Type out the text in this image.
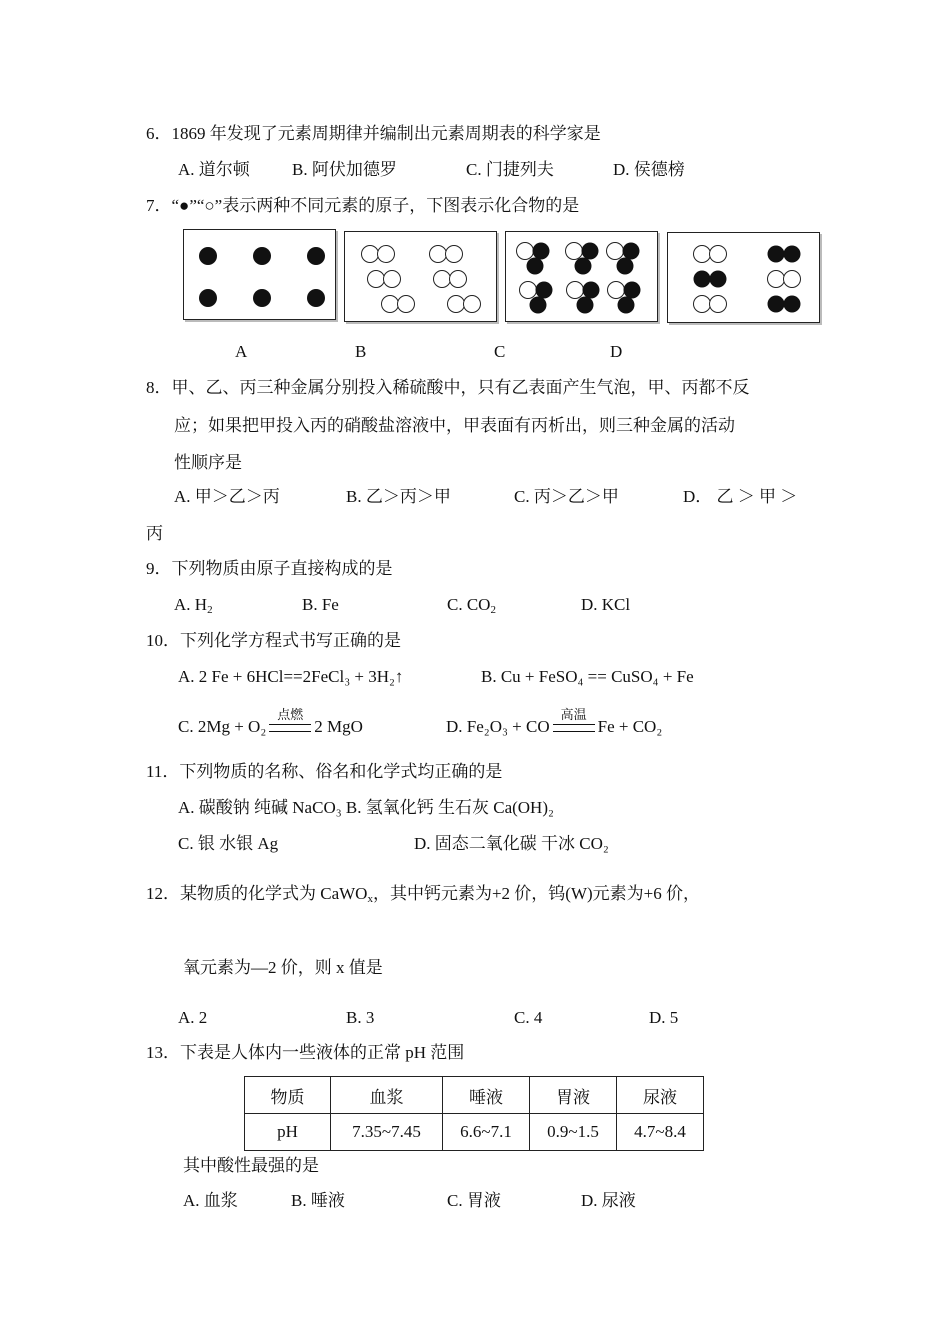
6．1869 年发现了元素周期律并编制出元素周期表的科学家是
A. 道尔顿 B. 阿伏加德罗	C. 门捷列夫	D. 侯德榜
7．“●”“○”表示两种不同元素的原子，下图表示化合物的是
A	B	C	D
8．甲、乙、丙三种金属分别投入稀硫酸中，只有乙表面产生气泡，甲、丙都不反
应；如果把甲投入丙的硝酸盐溶液中，甲表面有丙析出，则三种金属的活动
性顺序是
A. 甲＞乙＞丙	B. 乙＞丙＞甲	C. 丙＞乙＞甲	D． 乙 ＞ 甲 ＞
丙
9．下列物质由原子直接构成的是
A. $H_2$	B. Fe	C. $CO_2$	D. KCl
10．下列化学方程式书写正确的是
A. 2 Fe + 6HCl==2FeCl₃ + 3H₂↑	B. Cu + FeSO₄ == CuSO₄ + Fe
C. 2Mg + O₂
点燃
2 MgO	D. Fe₂O₃ + CO
高温
Fe + CO₂
11．下列物质的名称、俗名和化学式均正确的是
A. 碳酸钠 纯碱 NaCO₃ B. 氢氧化钙 生石灰 Ca(OH)₂
C. 银 水银 Ag	D. 固态二氧化碳 干冰 CO₂
12．某物质的化学式为 CaWO$_x$，其中钙元素为+2 价，钨(W)元素为+6 价，
氧元素为—2 价，则 x 值是
A. 2	B. 3	C. 4	D. 5
13．下表是人体内一些液体的正常 pH 范围
物质	血浆	唾液	胃液	尿液
pH	7.35~7.45	6.6~7.1	0.9~1.5	4.7~8.4
其中酸性最强的是
A. 血浆	B. 唾液	C. 胃液	D. 尿液
